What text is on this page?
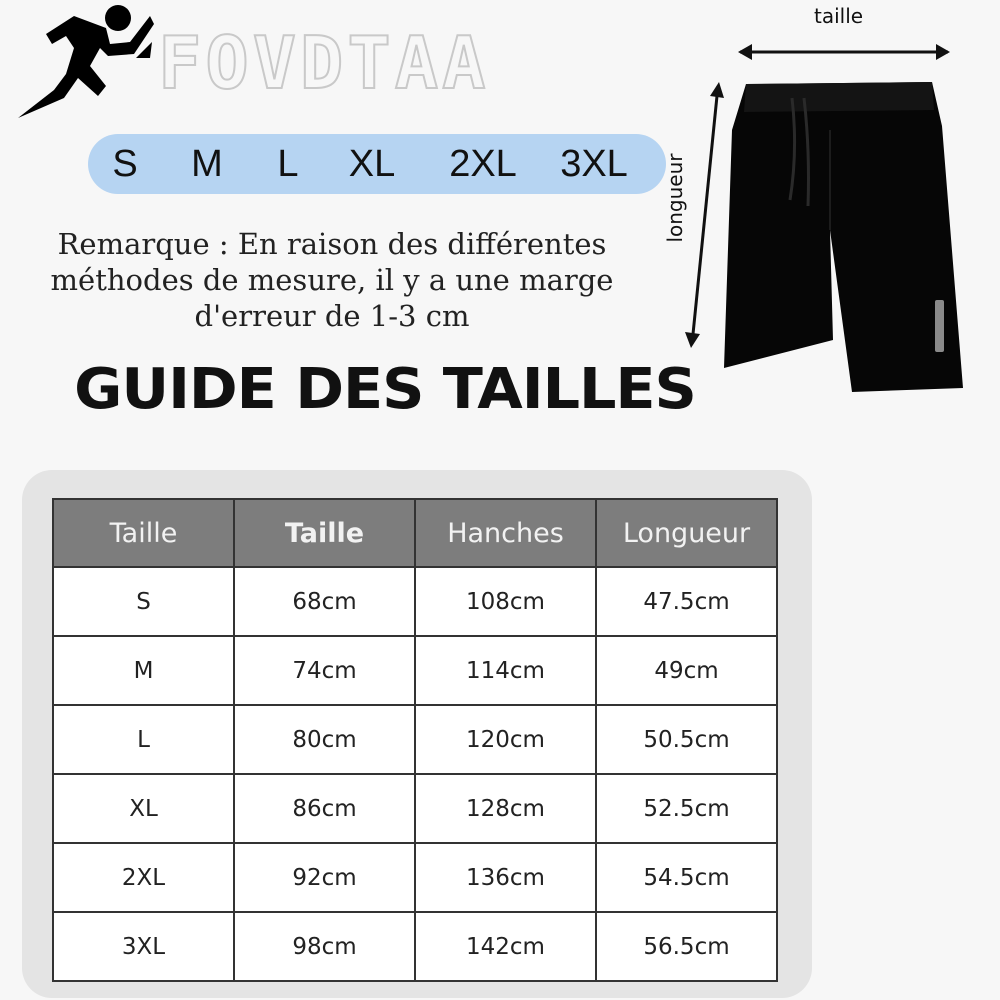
FOVDTAA
S M L XL 2XL 3XL
Remarque : En raison des différentes
méthodes de mesure, il y a une marge
d'erreur de 1-3 cm
GUIDE DES TAILLES
taille
longueur
Taille	Taille	Hanches	Longueur
S	68cm	108cm	47.5cm
M	74cm	114cm	49cm
L	80cm	120cm	50.5cm
XL	86cm	128cm	52.5cm
2XL	92cm	136cm	54.5cm
3XL	98cm	142cm	56.5cm
